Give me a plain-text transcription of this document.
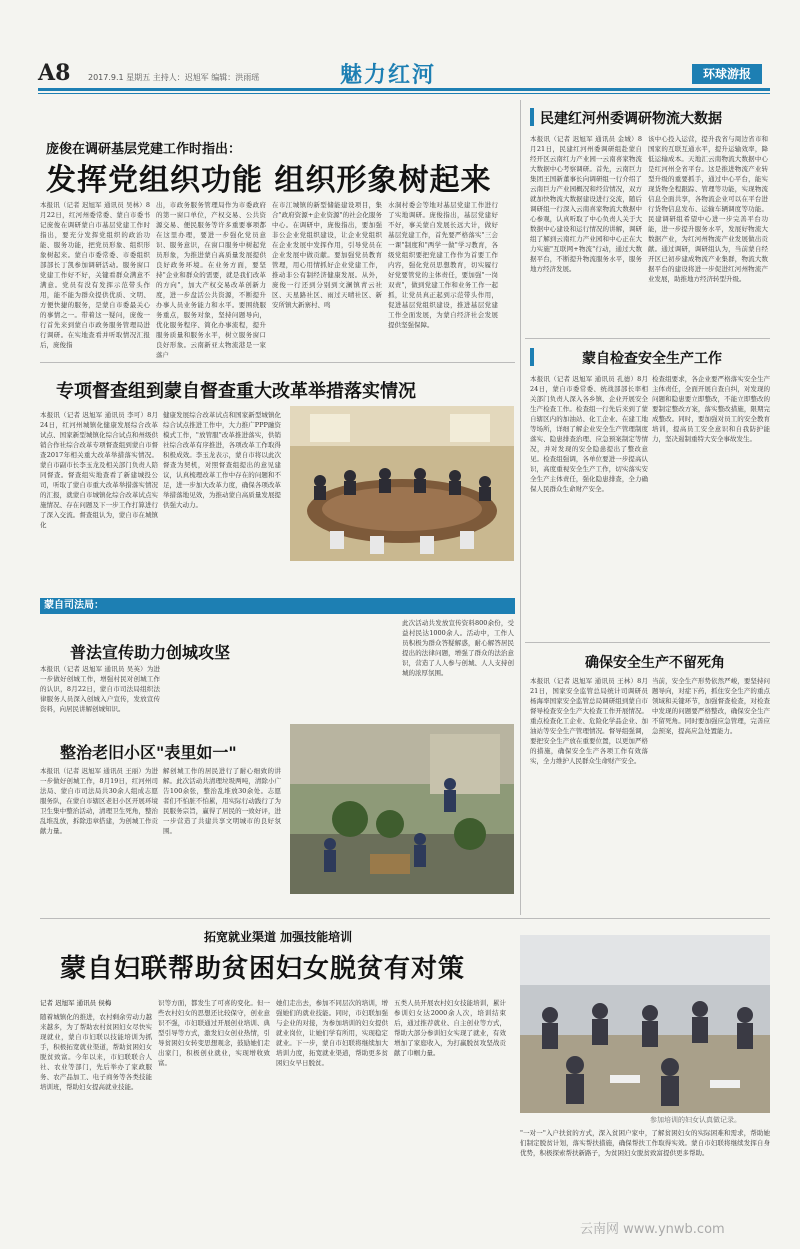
A8 2017.9.1 星期五 主持人：迟旭军 编辑：洪雨瑶	魅力红河	环球游报
庞俊在调研基层党建工作时指出：
发挥党组织功能 组织形象树起来
本报讯（记者 迟旭军 通讯员 吴林）8月22日，红河州委常委、蒙自市委书记庞俊在调研蒙自市基层党建工作时指出，要充分发挥党组织的政治功能、服务功能，把党员形象、组织形象树起来。蒙自市委常委、市委组织部部长丁凯参加调研活动。服务窗口党建工作好不好，关键看群众满意不满意。党员有没有发挥示范带头作用，能不能为群众提供优质、文明、方便快捷的服务，是蒙自市委最关心的事情之一。带着这一疑问，庞俊一行首先来到蒙自市政务服务管理局进行调研。在实地查看并听取情况汇报后，庞俊指
出，市政务服务管理局作为市委政府的第一窗口单位，产权交易、公共资源交易、便民服务等许多重要事项都在这里办理，要进一步强化党员意识、服务意识，在窗口服务中树起党员形象，为推进蒙自高质量发展提供良好政务环境。在业务方面，要坚持"企业和群众的需要，就是我们改革的方向"，加大产权交易改革创新力度，进一步盘活公共资源，不断提升办事人员业务能力和水平。要围绕服务重点，服务对象，坚持问题导向，优化服务程序、简化办事流程，提升服务质量和服务水平，树立服务窗口良好形象。云南新亚太物流港是一家落户
在市江城镇的新型储能建设项目，集合"政府资源+企业资源"的社会化服务中心。在调研中，庞俊指出，要加强非公企业党组织建设，让企业党组织在企业发展中发挥作用，引导党员在企业发展中做贡献。要加强党员教育管理，用心用情抓好企业党建工作，推动非公有制经济健康发展。从外，庞俊一行还到分别到文澜镇青云社区、天星路社区、雨过天晴社区、新安所镇大新寨村、鸣
水洞村委会等地对基层党建工作进行了实地调研。庞俊指出，基层党建好不好，事关蒙自发展长远大计，做好基层党建工作，首先要严格落实"三会一课"制度和"两学一做"学习教育，各级党组织要把党建工作作为首要工作内容，强化党员思想教育，切实履行好党要管党的主体责任，要加强"一岗双责"，做到党建工作和业务工作一起抓，让党员真正起到示范带头作用，促进基层党组织建设，推进基层党建工作全面发展，为蒙自经济社会发展提供坚强保障。
民建红河州委调研物流大数据
本报讯（记者 迟旭军 通讯员 金城）8月21日，民建红河州委调研组赴蒙自经开区云南红力产业园一云南喜家物流大数据中心考察调研。首先，云南巨力集团王国新董事长向调研组一行介绍了云南巨力产业园概况和经营情况，双方就加快物流大数据建设进行交流，随后调研组一行深入云南喜家物流大数据中心参观，认真听取了中心负责人关于大数据中心建设和运行情况的讲解，调研组了解到云南红力产业园和中心正在大力实施"互联网+物流"行动，通过大数据平台，不断提升物流服务水平，服务地方经济发展。
该中心投入运营，提升我省与周边省市和国家的互联互通水平，提升运输效率，降低运输成本。天地汇云南物流大数据中心是红河州全省平台。这是推进物流产业转型升级的重要抓手，通过中心平台，能实现货物全程跟踪、管理等功能，实现物流信息全面共享，各物流企业可以在平台进行货物信息发布、运输车辆调度等功能。民建调研组希望中心进一步完善平台功能，进一步提升服务水平，发展好物流大数据产业，为红河州物流产业发展做出贡献。通过调研，调研组认为，当前蒙自经开区已初步建成物流产业集群，物流大数据平台的建设将进一步促进红河州物流产业发展，助推地方经济转型升级。
专项督查组到蒙自督查重大改革举措落实情况
本报讯（记者 迟旭军 通讯员 李可）8月24日，红河州城镇化健康发展综合改革试点、国家新型城镇化综合试点和州级供销合作社综合改革专项督查组到蒙自市督查2017年相关重大改革举措落实情况。蒙自市副市长李玉龙及相关部门负责人陪同督查。督查组实地查看了新建城投公司，听取了蒙自市重大改革举措落实情况的汇报，就蒙自市城镇化综合改革试点实施情况、存在问题及下一步工作打算进行了深入交流。督查组认为，蒙自市在城镇化
健康发展综合改革试点和国家新型城镇化综合试点推进工作中，大力推广PPP融资模式工作，"放管服"改革推进落实，供销社综合改革有序推进，各项改革工作取得积极成效。李玉龙表示，蒙自市将以此次督查为契机，对照督查组提出的意见建议，认真梳理改革工作中存在的问题和不足，进一步加大改革力度，确保各项改革举措落地见效，为推动蒙自高质量发展提供强大动力。
蒙自检查安全生产工作
本报讯（记者 迟旭军 通讯员 孔德）8月24日，蒙自市委常委、统战部部长率相关部门负责人深入各乡镇、企业开展安全生产检查工作。检查组一行先后来到了蒙自辖区内的加油站、化工企业、在建工地等场所，详细了解企业安全生产管理制度落实、隐患排查治理、应急预案制定等情况，并对发现的安全隐患提出了整改意见。检查组强调，各单位要进一步提高认识，高度重视安全生产工作，切实落实安全生产主体责任，强化隐患排查，全力确保人民群众生命财产安全。
检查组要求，各企业要严格落实安全生产主体责任，全面开展自查自纠，对发现的问题和隐患要立即整改，不能立即整改的要制定整改方案，落实整改措施，限期完成整改。同时，要加强对员工的安全教育培训，提高员工安全意识和自我防护能力，坚决遏制重特大安全事故发生。
蒙自司法局：
普法宣传助力创城攻坚
本报讯（记者 迟旭军 通讯员 吴英）为进一步做好创城工作，增强村民对创城工作的认识，8月22日，蒙自市司法局组织法律服务人员深入创城入户宣传，发放宣传资料，向居民讲解创城知识。
此次活动共发放宣传资料800余份，受益村民达1000余人。活动中，工作人员积极为群众答疑解惑，耐心解答居民提出的法律问题，增强了群众的法治意识，营造了人人参与创城、人人支持创城的浓厚氛围。
确保安全生产不留死角
本报讯（记者 迟旭军 通讯员 王林）8月21日，国家安全监管总局统计司调研员杨海率国家安全监管总局调研组到蒙自市督导检查安全生产大检查工作开展情况。重点检查化工企业、危险化学品企业、加油站等安全生产管理情况。督导组强调，要把安全生产放在重要位置，以更加严格的措施，确保安全生产各项工作有效落实，全力维护人民群众生命财产安全。
当前，安全生产形势依然严峻，要坚持问题导向，对症下药，抓住安全生产的重点领域和关键环节，加强督查检查，对检查中发现的问题要严格整改，确保安全生产不留死角。同时要加强应急管理，完善应急预案，提高应急处置能力。
整治老旧小区"表里如一"
本报讯（记者 迟旭军 通讯员 王丽）为进一步做好创城工作，8月19日，红河州司法局、蒙自市司法局共30余人组成志愿服务队，在蒙自市辖区老旧小区开展环境卫生集中整治活动，清理卫生死角，整治乱堆乱放，拆除违章搭建，为创城工作贡献力量。
解创城工作的居民进行了耐心细致的讲解。此次活动共清理垃圾两吨，清除小广告100余张，整治乱堆放30余处。志愿者们不怕脏不怕累，用实际行动践行了为民服务宗旨，赢得了居民的一致好评，进一步营造了共建共享文明城市的良好氛围。
拓宽就业渠道 加强技能培训
蒙自妇联帮助贫困妇女脱贫有对策
记者 迟旭军 通讯员 侯梅
随着城镇化的推进，农村剩余劳动力越来越多，为了帮助农村贫困妇女尽快实现就业，蒙自市妇联以技能培训为抓手，积极拓宽就业渠道，帮助贫困妇女脱贫致富。今年以来，市妇联联合人社、农业等部门，先后举办了家政服务、农产品加工、电子商务等各类技能培训班，帮助妇女提高就业技能。
识等方面，都发生了可喜的变化。但一些农村妇女的思想还比较保守，创业意识不强，市妇联通过开展创业培训、典型引导等方式，激发妇女创业热情，引导贫困妇女转变思想观念，鼓励她们走出家门，积极创业就业，实现增收致富。
她们走出去，参加不同层次的培训，增强她们的就业技能。同时，市妇联加强与企业的对接，为参加培训的妇女提供就业岗位，让她们学有所用，实现稳定就业。下一步，蒙自市妇联将继续加大培训力度，拓宽就业渠道，帮助更多贫困妇女早日脱贫。
五类人员开展农村妇女技能培训，累计参训妇女达2000余人次，培训结束后，通过推荐就业、自主创业等方式，帮助大部分参训妇女实现了就业，有效增加了家庭收入，为打赢脱贫攻坚战贡献了巾帼力量。
参加培训的妇女认真做记录。
"一对一"入户扶贫的方式，深入贫困户家中，了解贫困妇女的实际困难和需求，帮助她们制定脱贫计划，落实帮扶措施，确保帮扶工作取得实效。蒙自市妇联将继续发挥自身优势，积极探索帮扶新路子，为贫困妇女脱贫致富提供更多帮助。
云南网 www.ynwb.com
